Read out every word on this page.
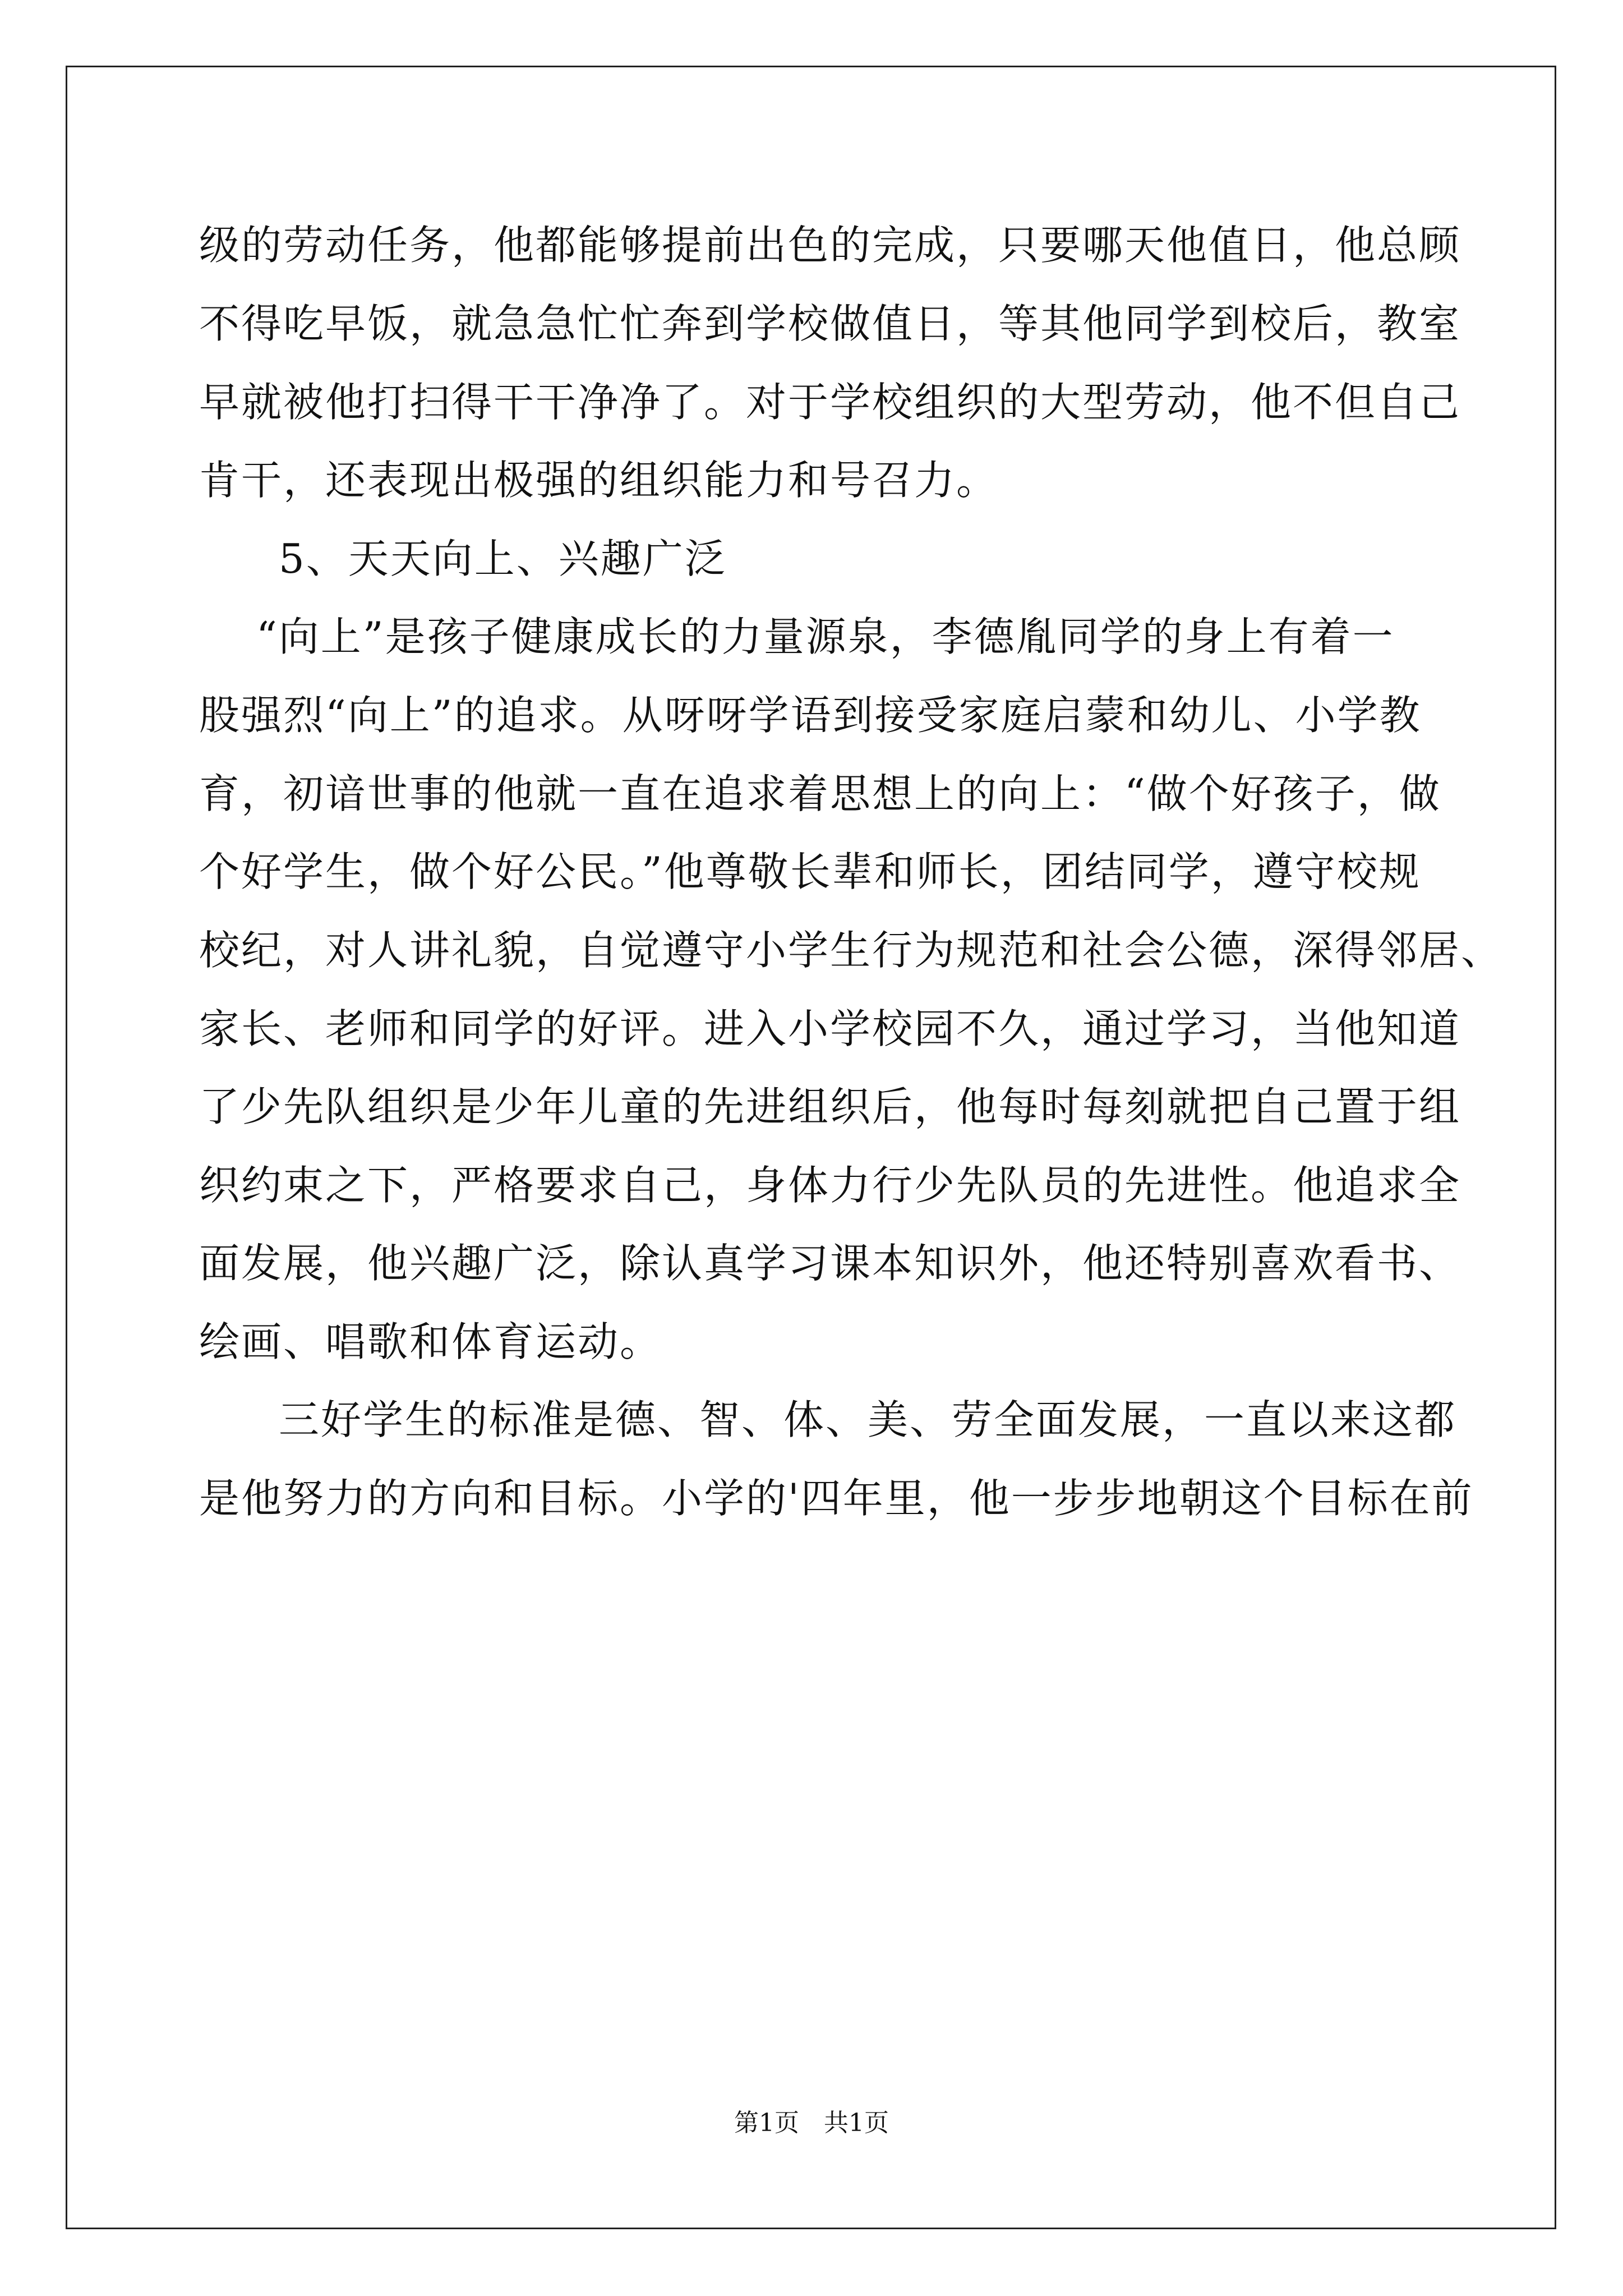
级的劳动任务，他都能够提前出色的完成，只要哪天他值日，他总顾
不得吃早饭，就急急忙忙奔到学校做值日，等其他同学到校后，教室
早就被他打扫得干干净净了。对于学校组织的大型劳动，他不但自己
肯干，还表现出极强的组织能力和号召力。
5、天天向上、兴趣广泛
“向上”是孩子健康成长的力量源泉，李德胤同学的身上有着一
股强烈“向上”的追求。从呀呀学语到接受家庭启蒙和幼儿、小学教
育，初谙世事的他就一直在追求着思想上的向上：“做个好孩子，做
个好学生，做个好公民。”他尊敬长辈和师长，团结同学，遵守校规
校纪，对人讲礼貌，自觉遵守小学生行为规范和社会公德，深得邻居、
家长、老师和同学的好评。进入小学校园不久，通过学习，当他知道
了少先队组织是少年儿童的先进组织后，他每时每刻就把自己置于组
织约束之下，严格要求自己，身体力行少先队员的先进性。他追求全
面发展，他兴趣广泛，除认真学习课本知识外，他还特别喜欢看书、
绘画、唱歌和体育运动。
三好学生的标准是德、智、体、美、劳全面发展，一直以来这都
是他努力的方向和目标。小学的'四年里，他一步步地朝这个目标在前
第1页　共1页
